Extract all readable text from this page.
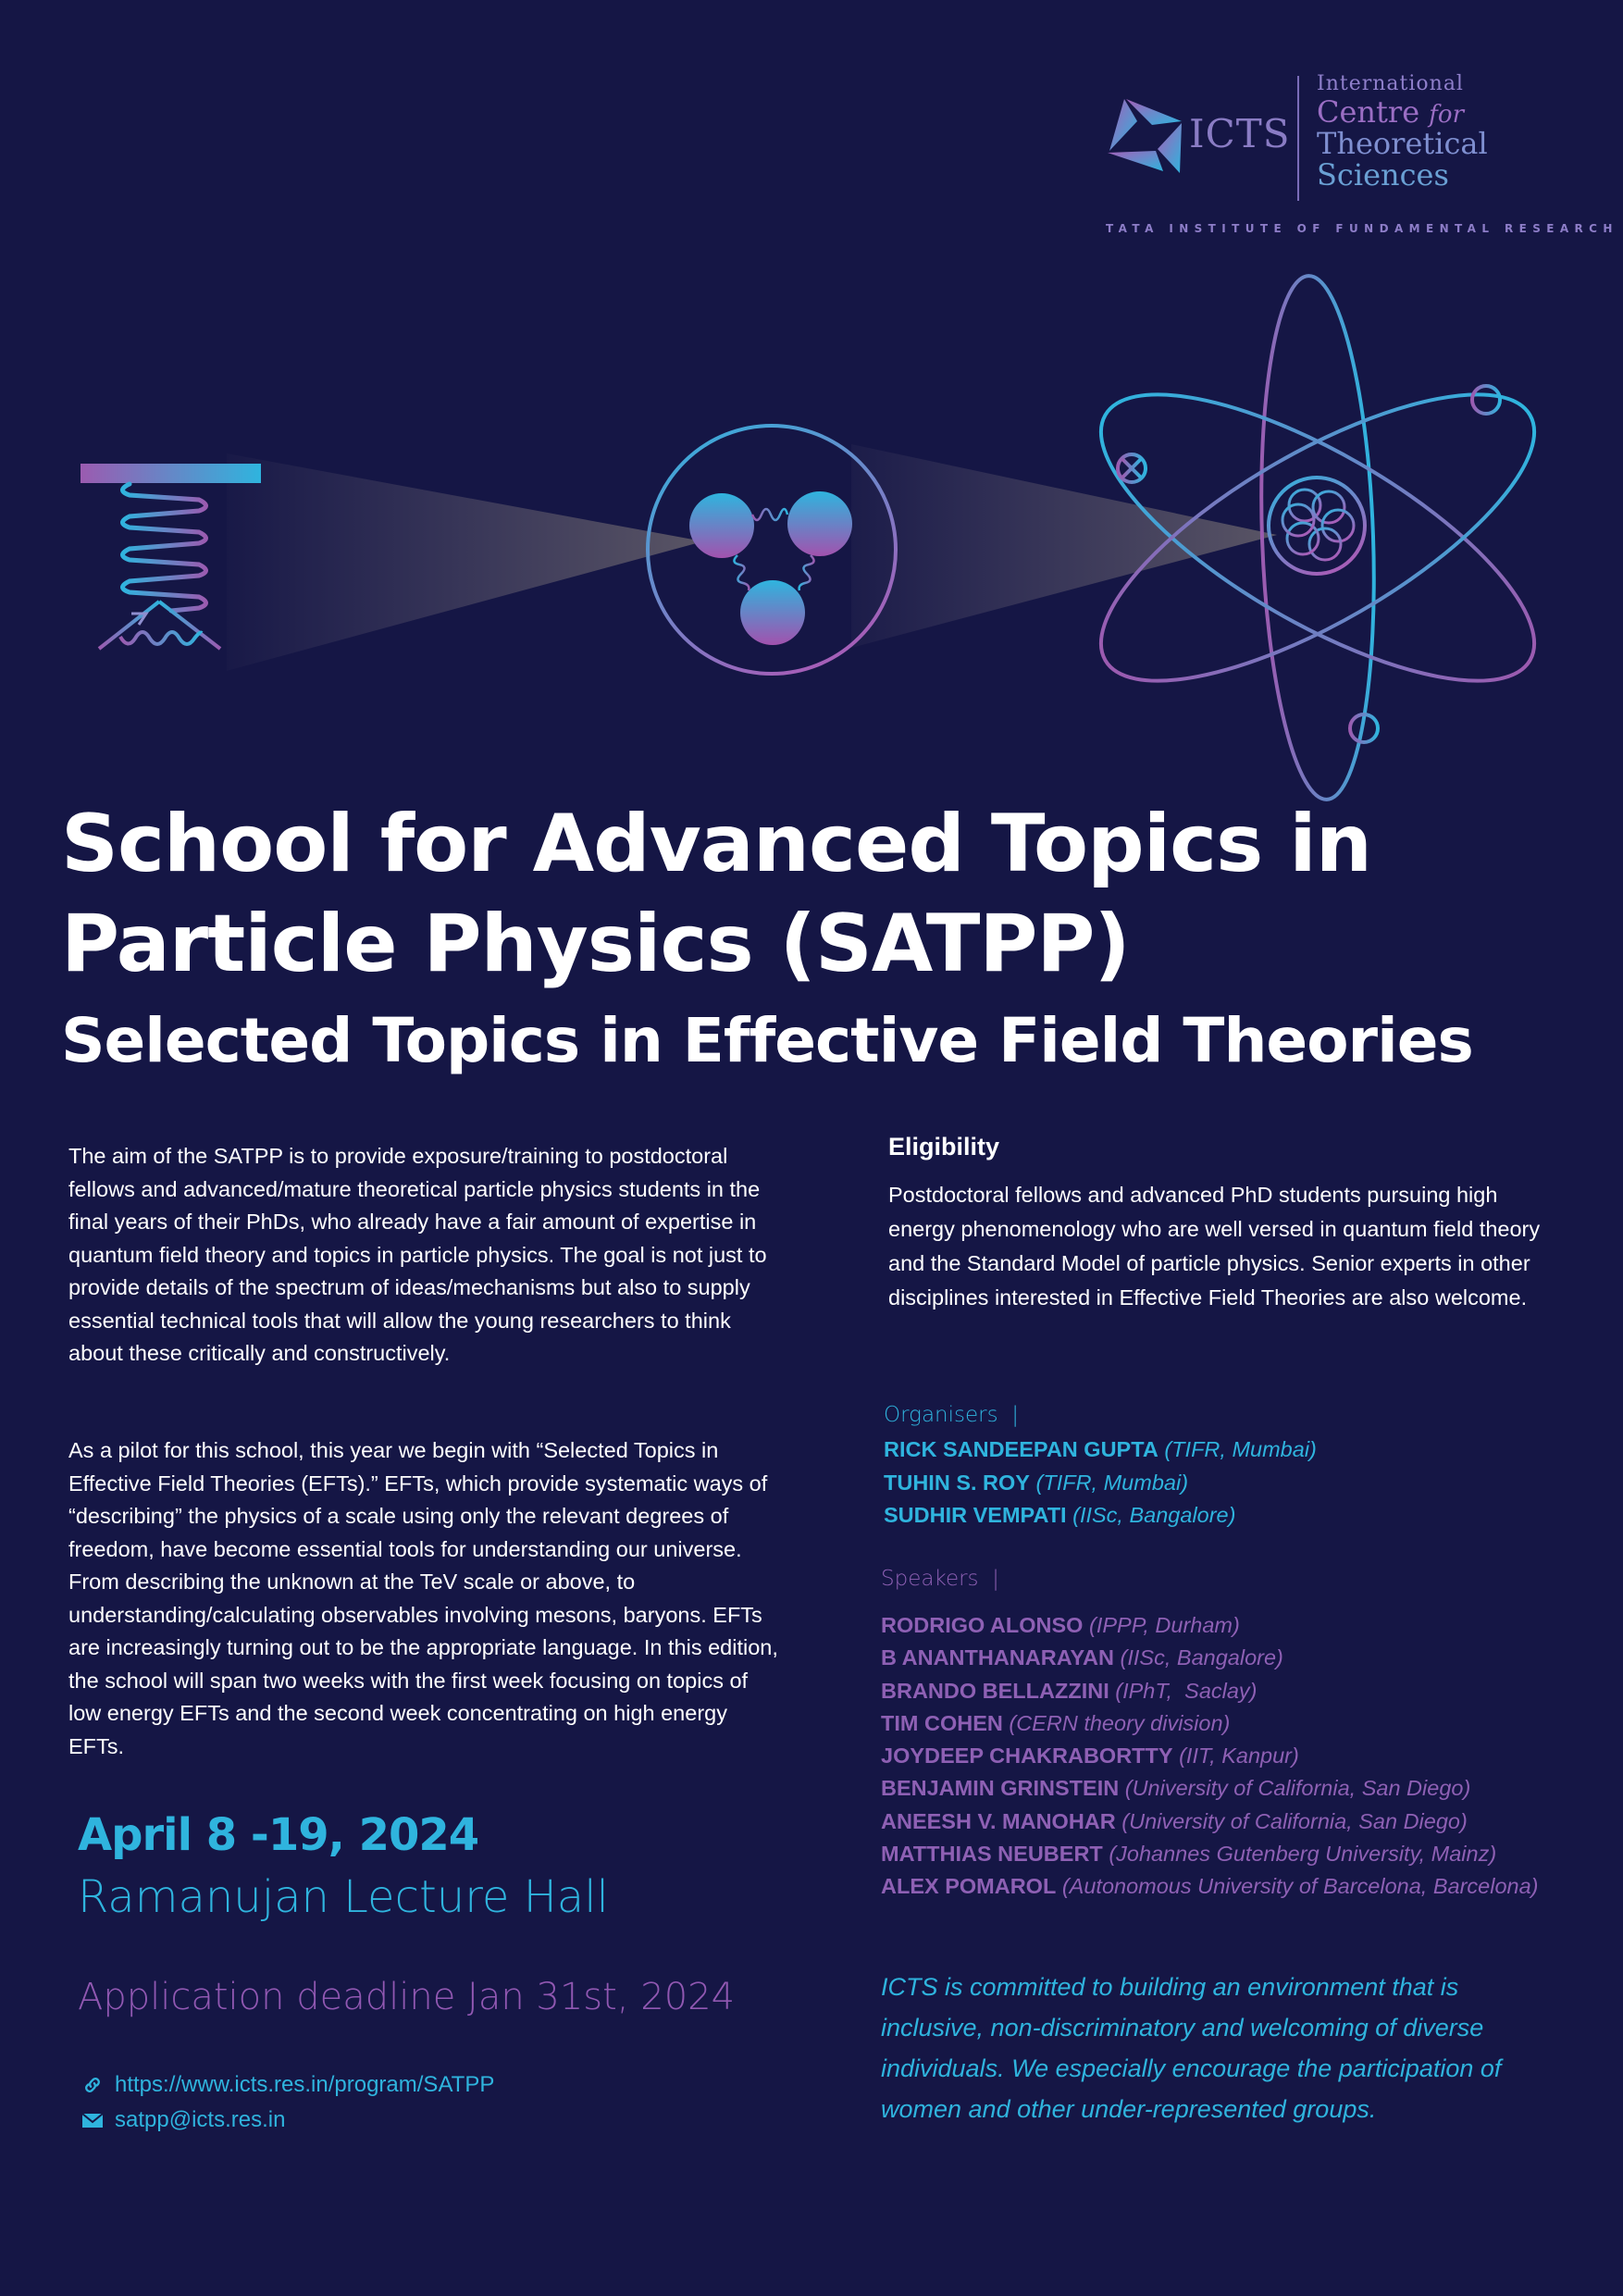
ICTS
International
Centre for
Theoretical
Sciences
TATA INSTITUTE OF FUNDAMENTAL RESEARCH
School for Advanced Topics in
Particle Physics (SATPP)
Selected Topics in Effective Field Theories
The aim of the SATPP is to provide exposure/training to postdoctoral fellows and advanced/mature theoretical particle physics students in the final years of their PhDs, who already have a fair amount of expertise in quantum field theory and topics in particle physics. The goal is not just to provide details of the spectrum of ideas/mechanisms but also to supply essential technical tools that will allow the young researchers to think about these critically and constructively.
As a pilot for this school, this year we begin with “Selected Topics in Effective Field Theories (EFTs).” EFTs, which provide systematic ways of “describing” the physics of a scale using only the relevant degrees of freedom, have become essential tools for understanding our universe. From describing the unknown at the TeV scale or above, to understanding/calculating observables involving mesons, baryons. EFTs are increasingly turning out to be the appropriate language. In this edition, the school will span two weeks with the first week focusing on topics of low energy EFTs and the second week concentrating on high energy EFTs.
April 8 -19, 2024
Ramanujan Lecture Hall
Application deadline Jan 31st, 2024
https://www.icts.res.in/program/SATPP
satpp@icts.res.in
Eligibility
Postdoctoral fellows and advanced PhD students pursuing high energy phenomenology who are well versed in quantum field theory and the Standard Model of particle physics. Senior experts in other disciplines interested in Effective Field Theories are also welcome.
Organisers  |
RICK SANDEEPAN GUPTA (TIFR, Mumbai)
TUHIN S. ROY (TIFR, Mumbai)
SUDHIR VEMPATI (IISc, Bangalore)
Speakers  |
RODRIGO ALONSO (IPPP, Durham)
B ANANTHANARAYAN (IISc, Bangalore)
BRANDO BELLAZZINI (IPhT,  Saclay)
TIM COHEN (CERN theory division)
JOYDEEP CHAKRABORTTY (IIT, Kanpur)
BENJAMIN GRINSTEIN (University of California, San Diego)
ANEESH V. MANOHAR (University of California, San Diego)
MATTHIAS NEUBERT (Johannes Gutenberg University, Mainz)
ALEX POMAROL (Autonomous University of Barcelona, Barcelona)
ICTS is committed to building an environment that is inclusive, non-discriminatory and welcoming of diverse individuals. We especially encourage the participation of women and other under-represented groups.
